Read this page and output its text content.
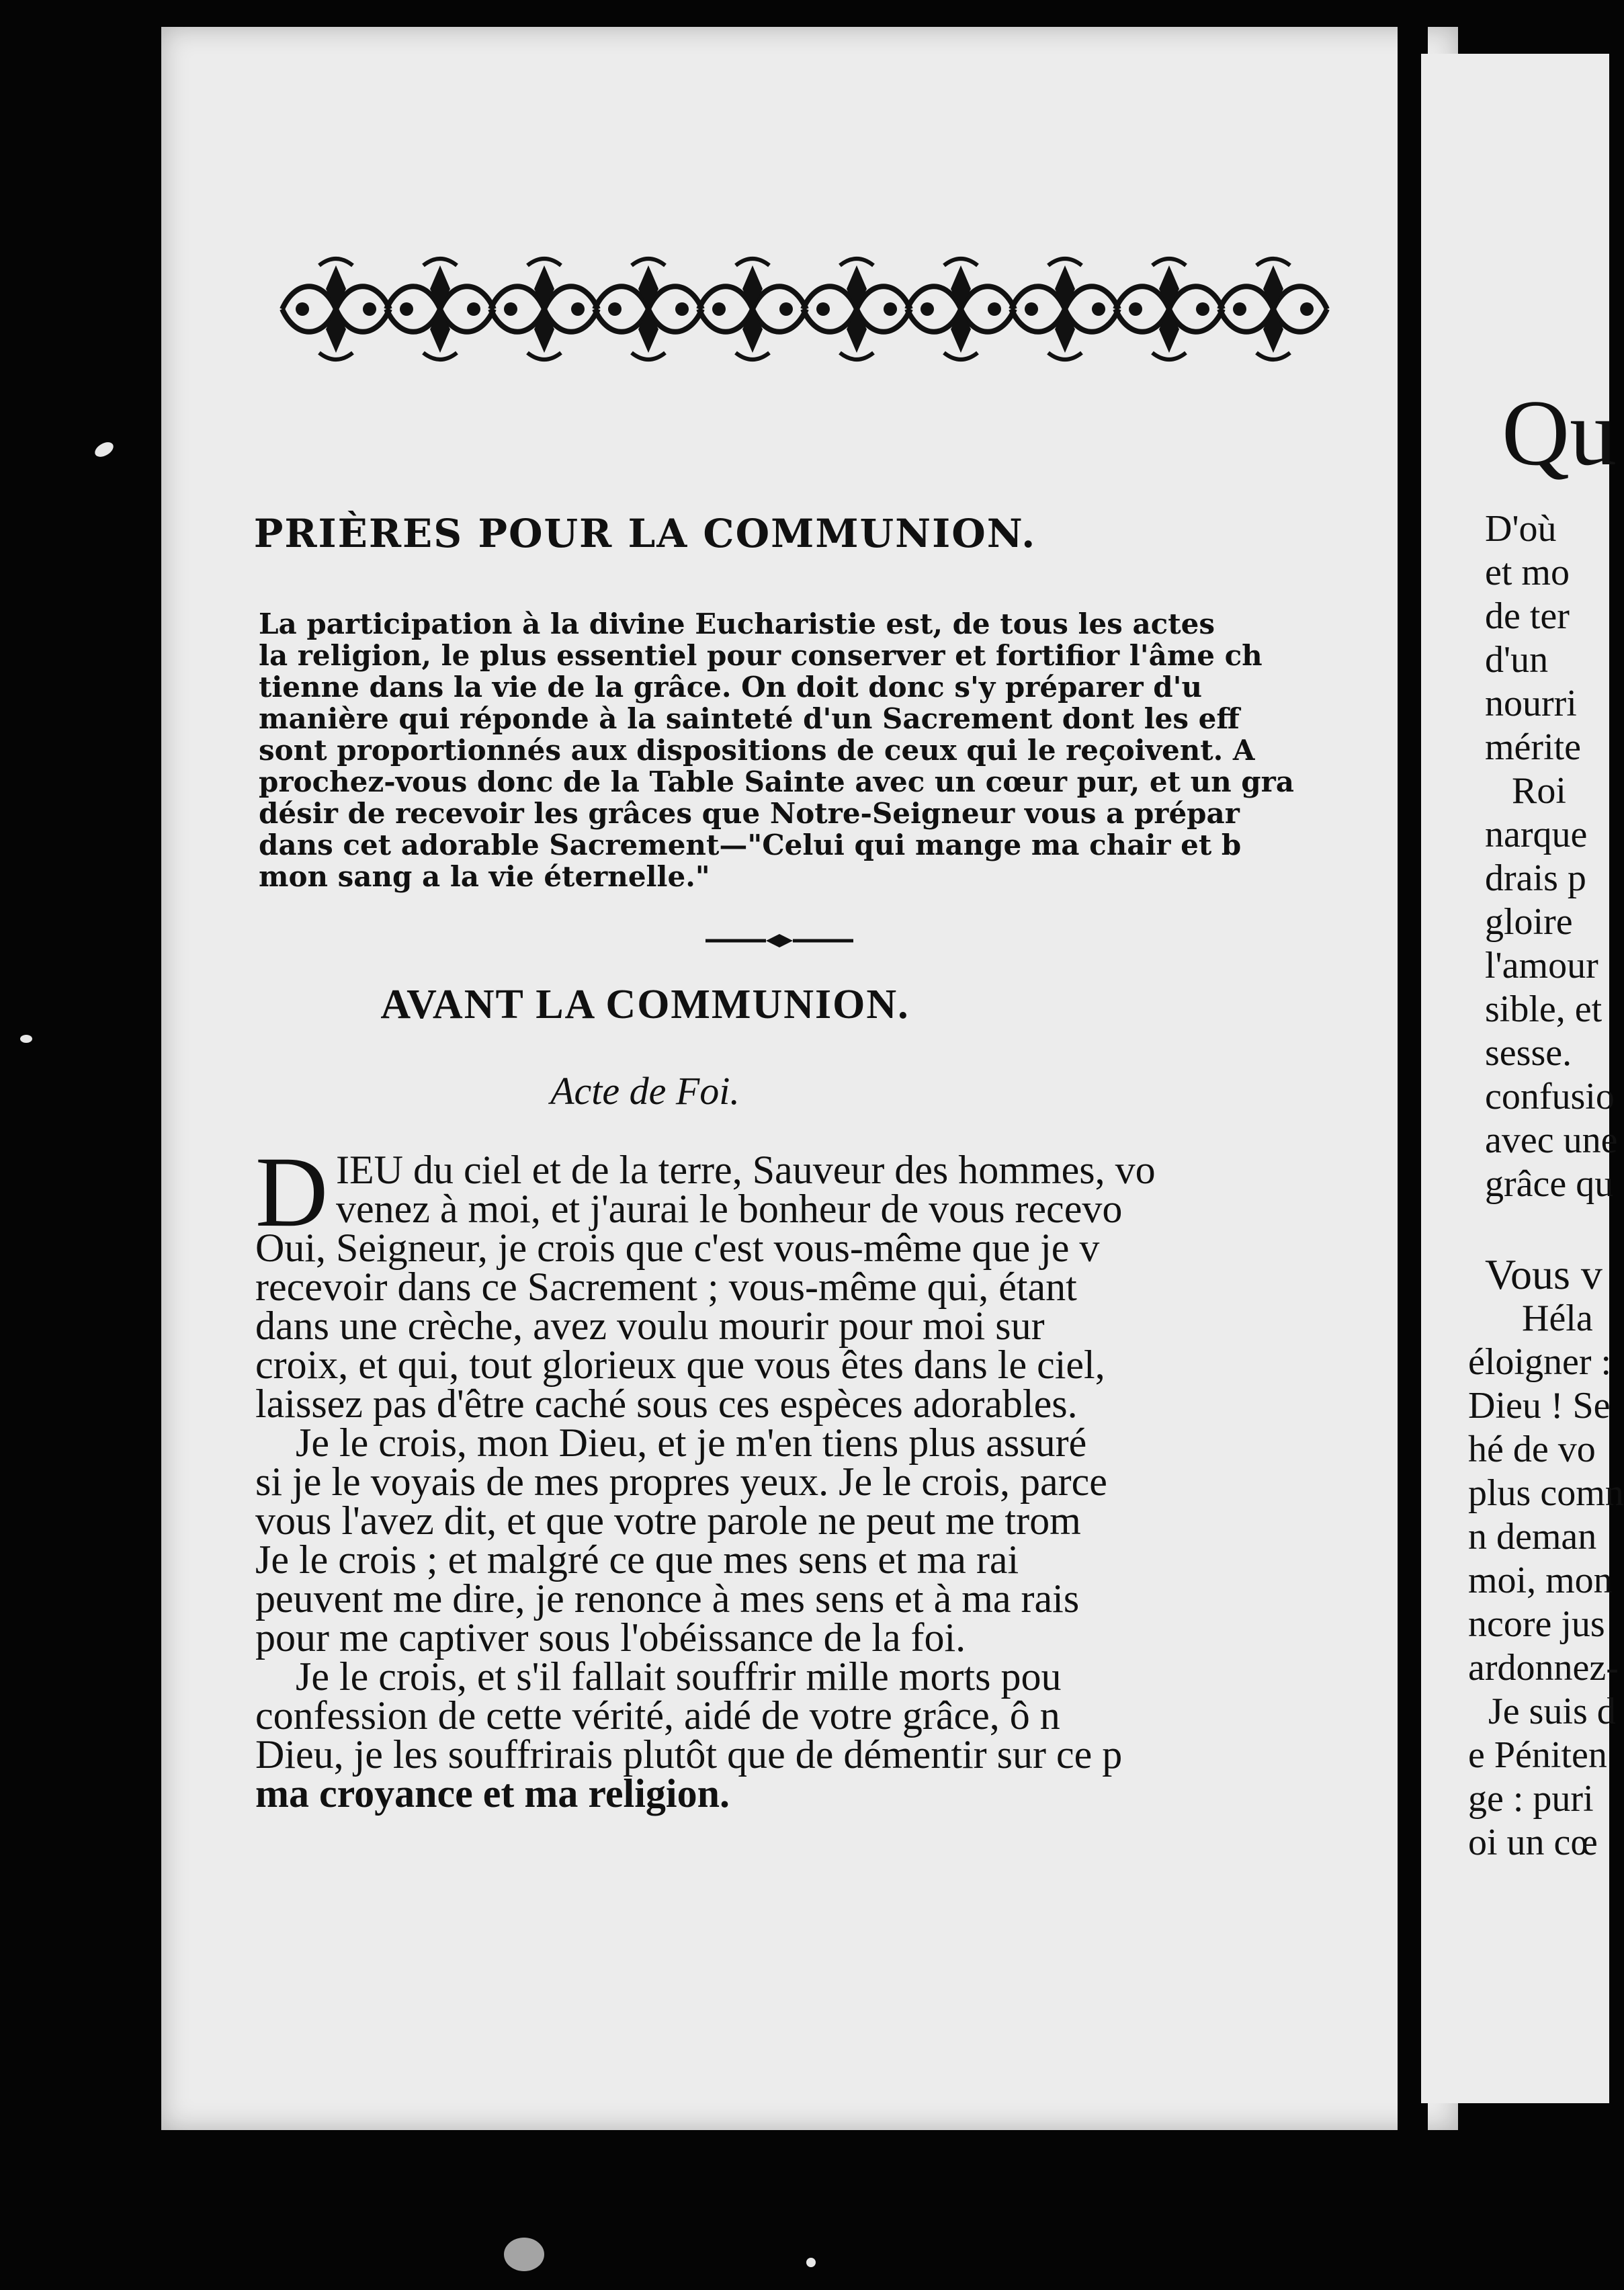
PRIÈRES POUR LA COMMUNION.
La participation à la divine Eucharistie est, de tous les actes
la religion, le plus essentiel pour conserver et fortifior l'âme ch
tienne dans la vie de la grâce. On doit donc s'y préparer d'u
manière qui réponde à la sainteté d'un Sacrement dont les eff
sont proportionnés aux dispositions de ceux qui le reçoivent. A
prochez-vous donc de la Table Sainte avec un cœur pur, et un gra
désir de recevoir les grâces que Notre-Seigneur vous a prépar
dans cet adorable Sacrement—"Celui qui mange ma chair et b
mon sang a la vie éternelle."
AVANT LA COMMUNION.
Acte de Foi.
D IEU du ciel et de la terre, Sauveur des hommes, vo
venez à moi, et j'aurai le bonheur de vous recevo
Oui, Seigneur, je crois que c'est vous-même que je v
recevoir dans ce Sacrement ; vous-même qui, étant
dans une crèche, avez voulu mourir pour moi sur
croix, et qui, tout glorieux que vous êtes dans le ciel,
laissez pas d'être caché sous ces espèces adorables.
Je le crois, mon Dieu, et je m'en tiens plus assuré
si je le voyais de mes propres yeux. Je le crois, parce
vous l'avez dit, et que votre parole ne peut me trom
Je le crois ; et malgré ce que mes sens et ma rai
peuvent me dire, je renonce à mes sens et à ma rais
pour me captiver sous l'obéissance de la foi.
Je le crois, et s'il fallait souffrir mille morts pou
confession de cette vérité, aidé de votre grâce, ô n
Dieu, je les souffrirais plutôt que de démentir sur ce p
ma croyance et ma religion.
Qu
D'où
et mo
de ter
d'un
nourri
mérite
Roi
narque
drais p
gloire
l'amour
sible, et
sesse.
confusio
avec une
grâce qu
Vous v
Héla
éloigner :
Dieu ! Se
hé de vo
plus comn
n deman
moi, mon
ncore jus
ardonnez-
Je suis d
e Péniten
ge : puri
oi un cœ
